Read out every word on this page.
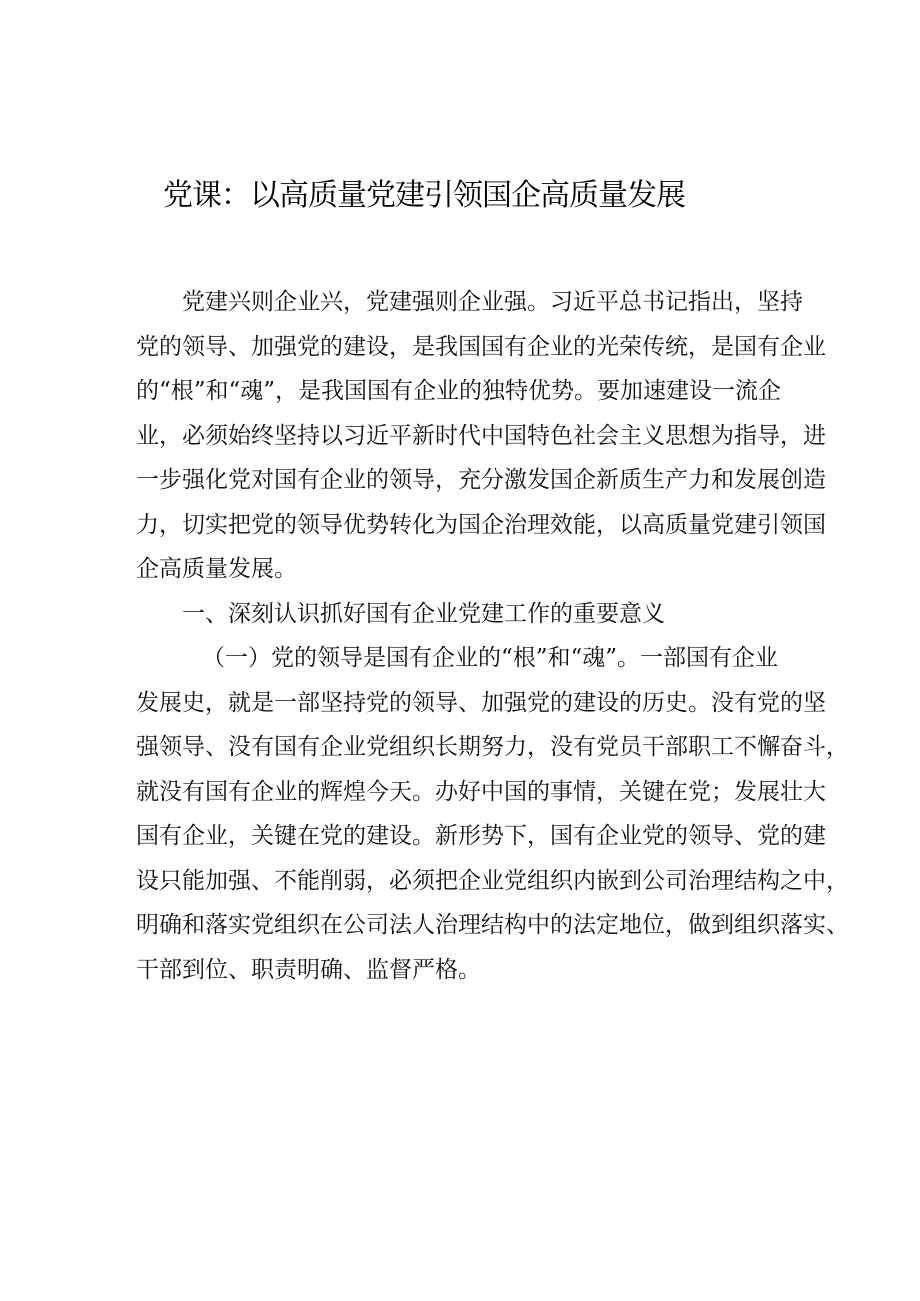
党课：以高质量党建引领国企高质量发展
党建兴则企业兴，党建强则企业强。习近平总书记指出，坚持
党的领导、加强党的建设，是我国国有企业的光荣传统，是国有企业
的“根”和“魂”，是我国国有企业的独特优势。要加速建设一流企
业，必须始终坚持以习近平新时代中国特色社会主义思想为指导，进
一步强化党对国有企业的领导，充分激发国企新质生产力和发展创造
力，切实把党的领导优势转化为国企治理效能，以高质量党建引领国
企高质量发展。
一、深刻认识抓好国有企业党建工作的重要意义
（一）党的领导是国有企业的“根”和“魂”。一部国有企业
发展史，就是一部坚持党的领导、加强党的建设的历史。没有党的坚
强领导、没有国有企业党组织长期努力，没有党员干部职工不懈奋斗，
就没有国有企业的辉煌今天。办好中国的事情，关键在党；发展壮大
国有企业，关键在党的建设。新形势下，国有企业党的领导、党的建
设只能加强、不能削弱，必须把企业党组织内嵌到公司治理结构之中，
明确和落实党组织在公司法人治理结构中的法定地位，做到组织落实、
干部到位、职责明确、监督严格。
